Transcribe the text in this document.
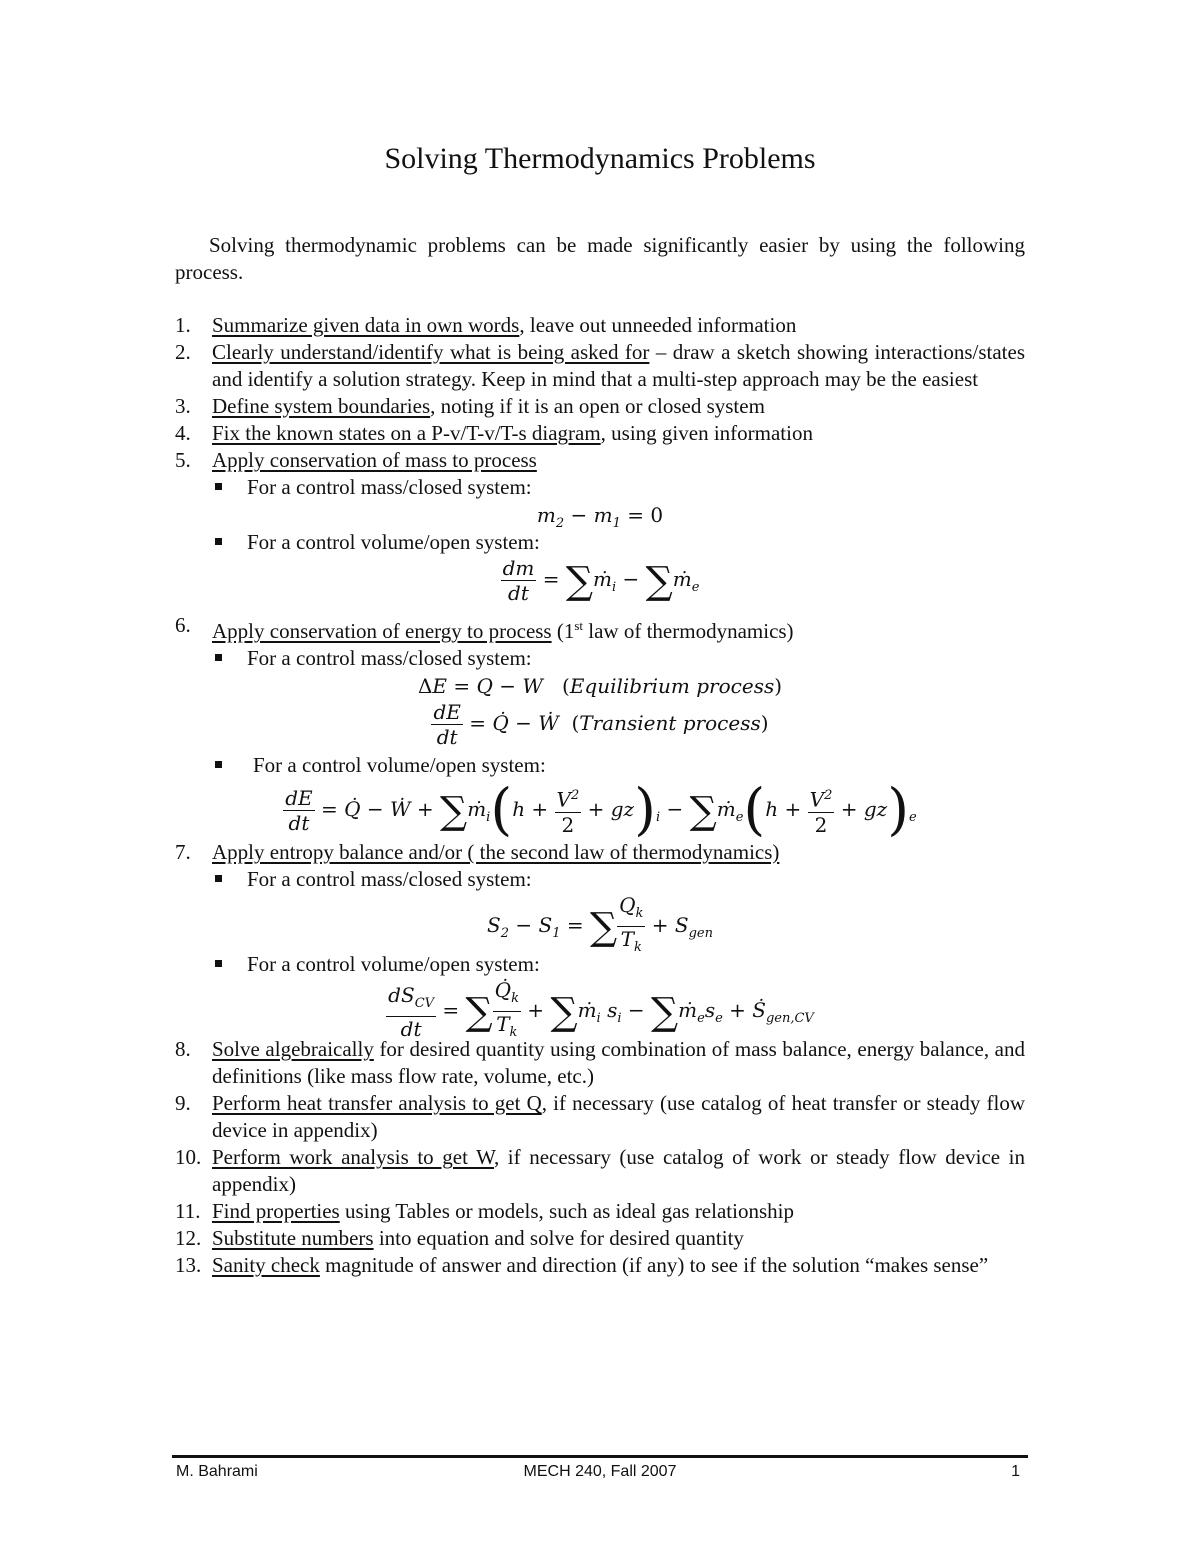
Solving Thermodynamics Problems
Solving thermodynamic problems can be made significantly easier by using the following process.
1. Summarize given data in own words, leave out unneeded information
2. Clearly understand/identify what is being asked for – draw a sketch showing interactions/states and identify a solution strategy. Keep in mind that a multi-step approach may be the easiest
3. Define system boundaries, noting if it is an open or closed system
4. Fix the known states on a P-v/T-v/T-s diagram, using given information
5. Apply conservation of mass to process
For a control mass/closed system:
$m_2 - m_1 = 0$
For a control volume/open system:
$\frac{dm}{dt}$ = ∑ṁ$_i$ − ∑ṁ$_e$
6. Apply conservation of energy to process (1st law of thermodynamics)
For a control mass/closed system:
ΔE = Q − W   (Equilibrium process)
$\frac{dE}{dt}$ = Q̇ − Ẇ  (Transient process)
For a control volume/open system:
$\frac{dE}{dt}$ = Q̇ − Ẇ + ∑ṁ$_i$(h + $\frac{V^2}{2} + gz)_i$ − ∑ṁ$_e$(h + $\frac{V^2}{2} + gz)_e$
7. Apply entropy balance and/or ( the second law of thermodynamics)
For a control mass/closed system:
$S_2 - S_1$ = ∑ $\frac{Q_k}{T_k} + S_{gen}$
For a control volume/open system:
$\frac{dS_{CV}}{dt}$ = ∑ $\frac{Q̇_k}{T_k}$ + ∑ṁ$_i$ $s_i$ − $\sum ṁ_es_e$ + Ṡ$_{gen,CV}$
8. Solve algebraically for desired quantity using combination of mass balance, energy balance, and definitions (like mass flow rate, volume, etc.)
9. Perform heat transfer analysis to get Q, if necessary (use catalog of heat transfer or steady flow device in appendix)
10. Perform work analysis to get W, if necessary (use catalog of work or steady flow device in appendix)
11. Find properties using Tables or models, such as ideal gas relationship
12. Substitute numbers into equation and solve for desired quantity
13. Sanity check magnitude of answer and direction (if any) to see if the solution “makes sense”
M. Bahrami	MECH 240, Fall 2007	1
